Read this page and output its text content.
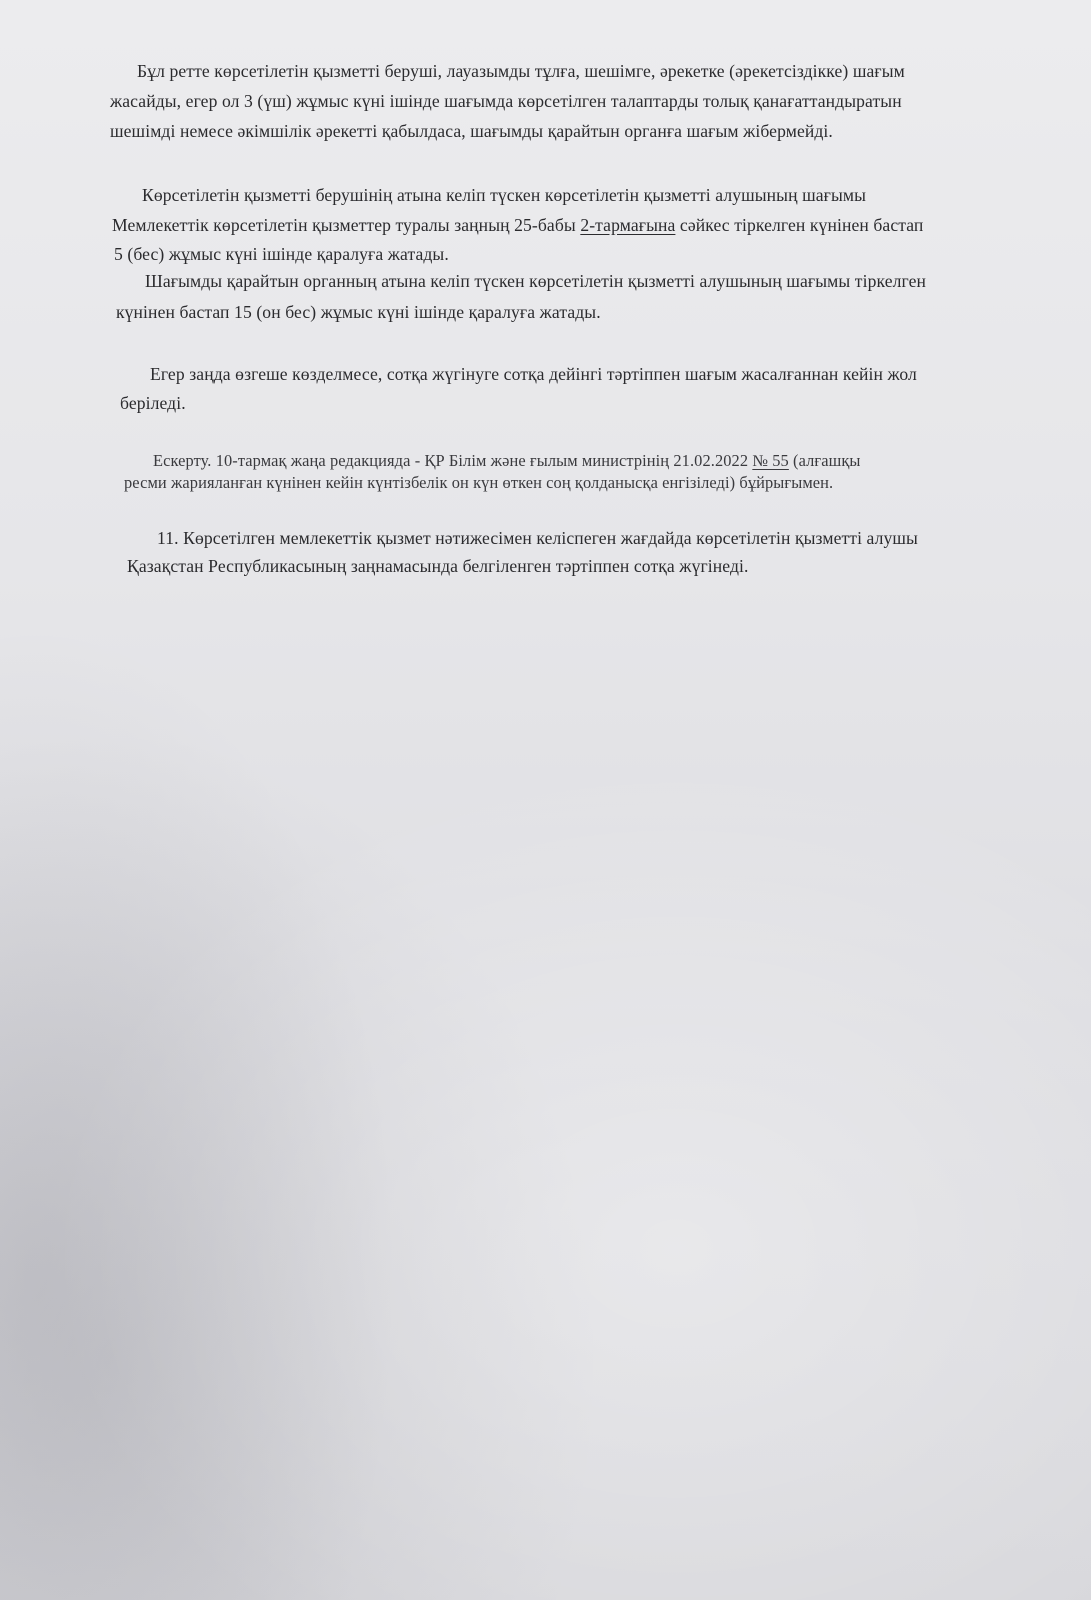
Бұл ретте көрсетілетін қызметті беруші, лауазымды тұлға, шешімге, әрекетке (әрекетсіздікке) шағым
жасайды, егер ол 3 (үш) жұмыс күні ішінде шағымда көрсетілген талаптарды толық қанағаттандыратын
шешімді немесе әкімшілік әрекетті қабылдаса, шағымды қарайтын органға шағым жібермейді.
Көрсетілетін қызметті берушінің атына келіп түскен көрсетілетін қызметті алушының шағымы
Мемлекеттік көрсетілетін қызметтер туралы заңның 25-бабы 2-тармағына сәйкес тіркелген күнінен бастап
5 (бес) жұмыс күні ішінде қаралуға жатады.
Шағымды қарайтын органның атына келіп түскен көрсетілетін қызметті алушының шағымы тіркелген
күнінен бастап 15 (он бес) жұмыс күні ішінде қаралуға жатады.
Егер заңда өзгеше көзделмесе, сотқа жүгінуге сотқа дейінгі тәртіппен шағым жасалғаннан кейін жол
беріледі.
Ескерту. 10-тармақ жаңа редакцияда - ҚР Білім және ғылым министрінің 21.02.2022 № 55 (алғашқы
ресми жарияланған күнінен кейін күнтізбелік он күн өткен соң қолданысқа енгізіледі) бұйрығымен.
11. Көрсетілген мемлекеттік қызмет нәтижесімен келіспеген жағдайда көрсетілетін қызметті алушы
Қазақстан Республикасының заңнамасында белгіленген тәртіппен сотқа жүгінеді.
